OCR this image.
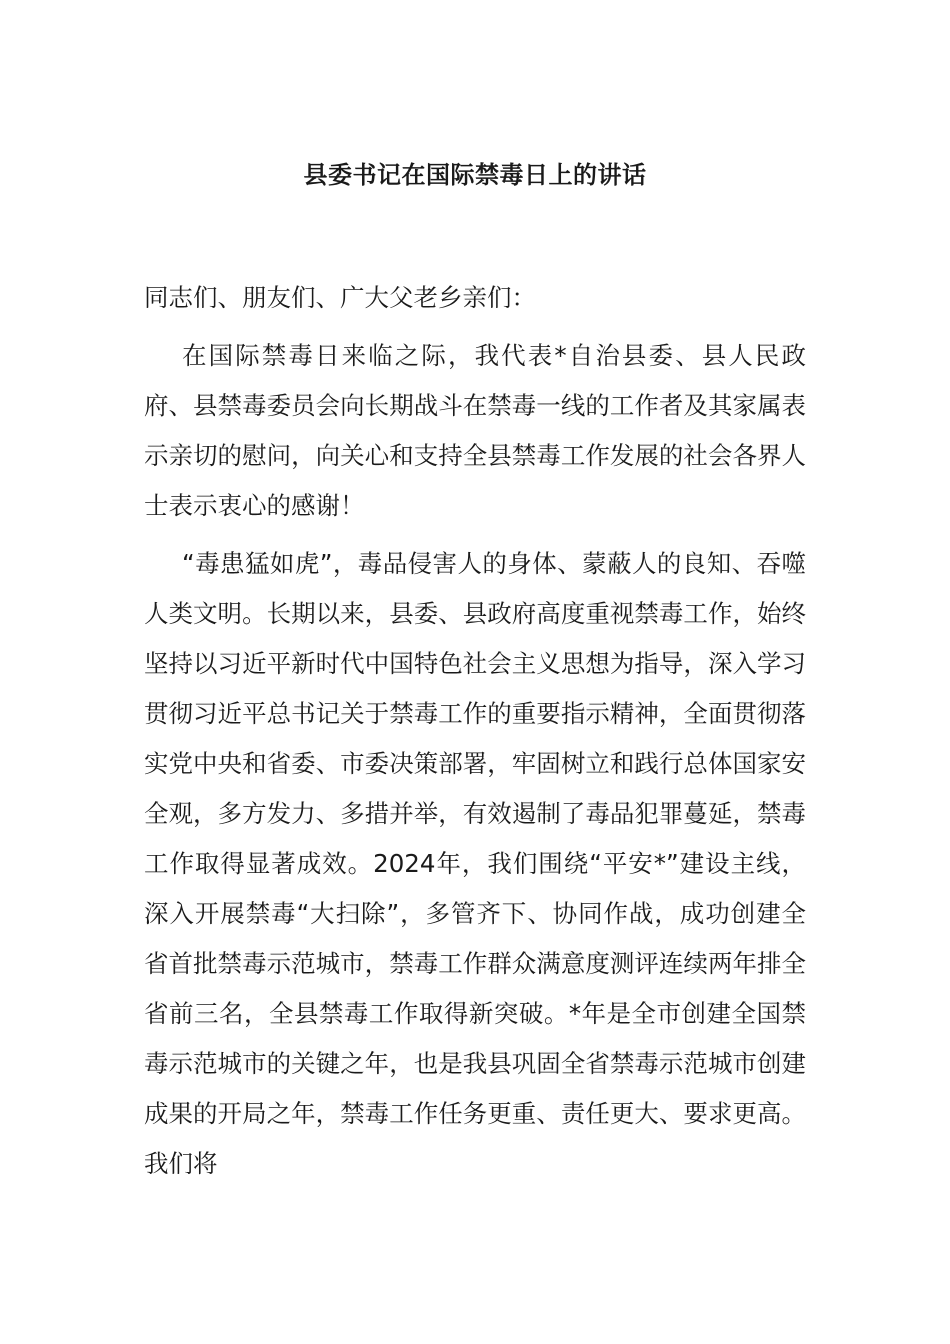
县委书记在国际禁毒日上的讲话

同志们、朋友们、广大父老乡亲们：

在国际禁毒日来临之际，我代表*自治县委、县人民政府、县禁毒委员会向长期战斗在禁毒一线的工作者及其家属表示亲切的慰问，向关心和支持全县禁毒工作发展的社会各界人士表示衷心的感谢！

“毒患猛如虎”，毒品侵害人的身体、蒙蔽人的良知、吞噬人类文明。长期以来，县委、县政府高度重视禁毒工作，始终坚持以习近平新时代中国特色社会主义思想为指导，深入学习贯彻习近平总书记关于禁毒工作的重要指示精神，全面贯彻落实党中央和省委、市委决策部署，牢固树立和践行总体国家安全观，多方发力、多措并举，有效遏制了毒品犯罪蔓延，禁毒工作取得显著成效。2024年，我们围绕“平安*”建设主线，深入开展禁毒“大扫除”，多管齐下、协同作战，成功创建全省首批禁毒示范城市，禁毒工作群众满意度测评连续两年排全省前三名，全县禁毒工作取得新突破。*年是全市创建全国禁毒示范城市的关键之年，也是我县巩固全省禁毒示范城市创建成果的开局之年，禁毒工作任务更重、责任更大、要求更高。我们将
